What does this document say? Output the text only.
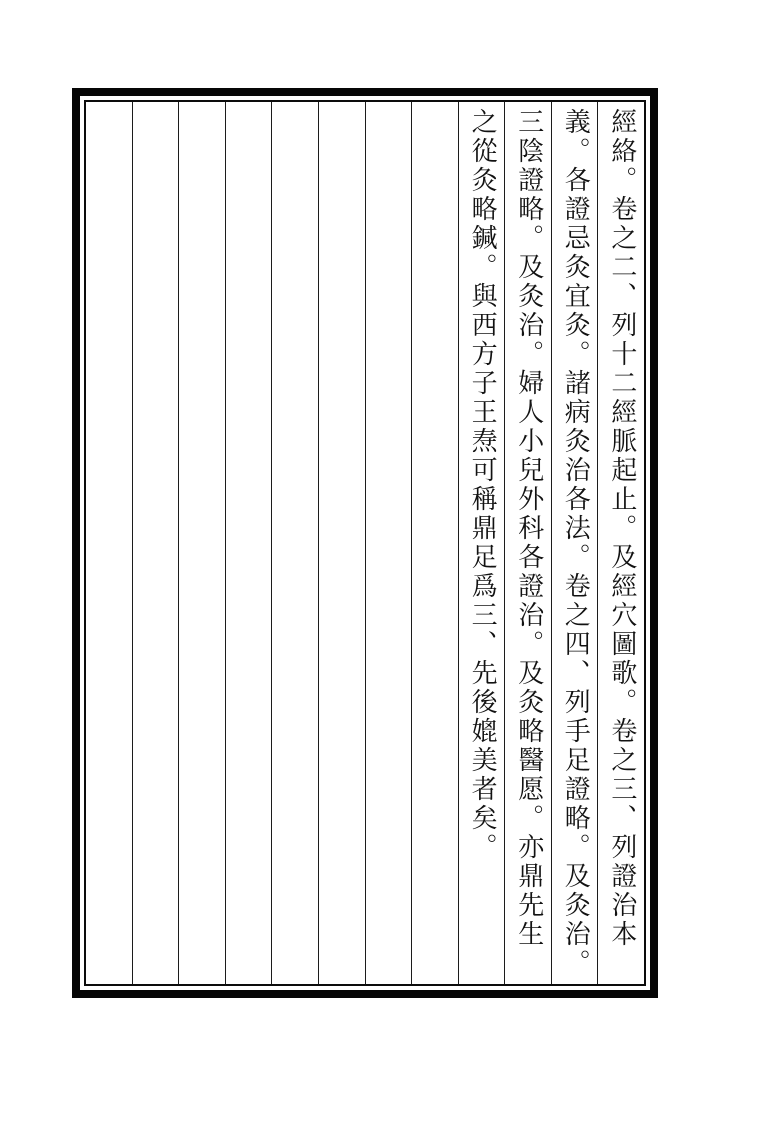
經絡。卷之二、列十二經脈起止。及經穴圖歌。卷之三、列證治本
義。各證忌灸宜灸。諸病灸治各法。卷之四、列手足證略。及灸治。
三陰證略。及灸治。婦人小兒外科各證治。及灸略醫愿。亦鼎先生
之從灸略鍼。與西方子王焘可稱鼎足爲三、先後媲美者矣。
